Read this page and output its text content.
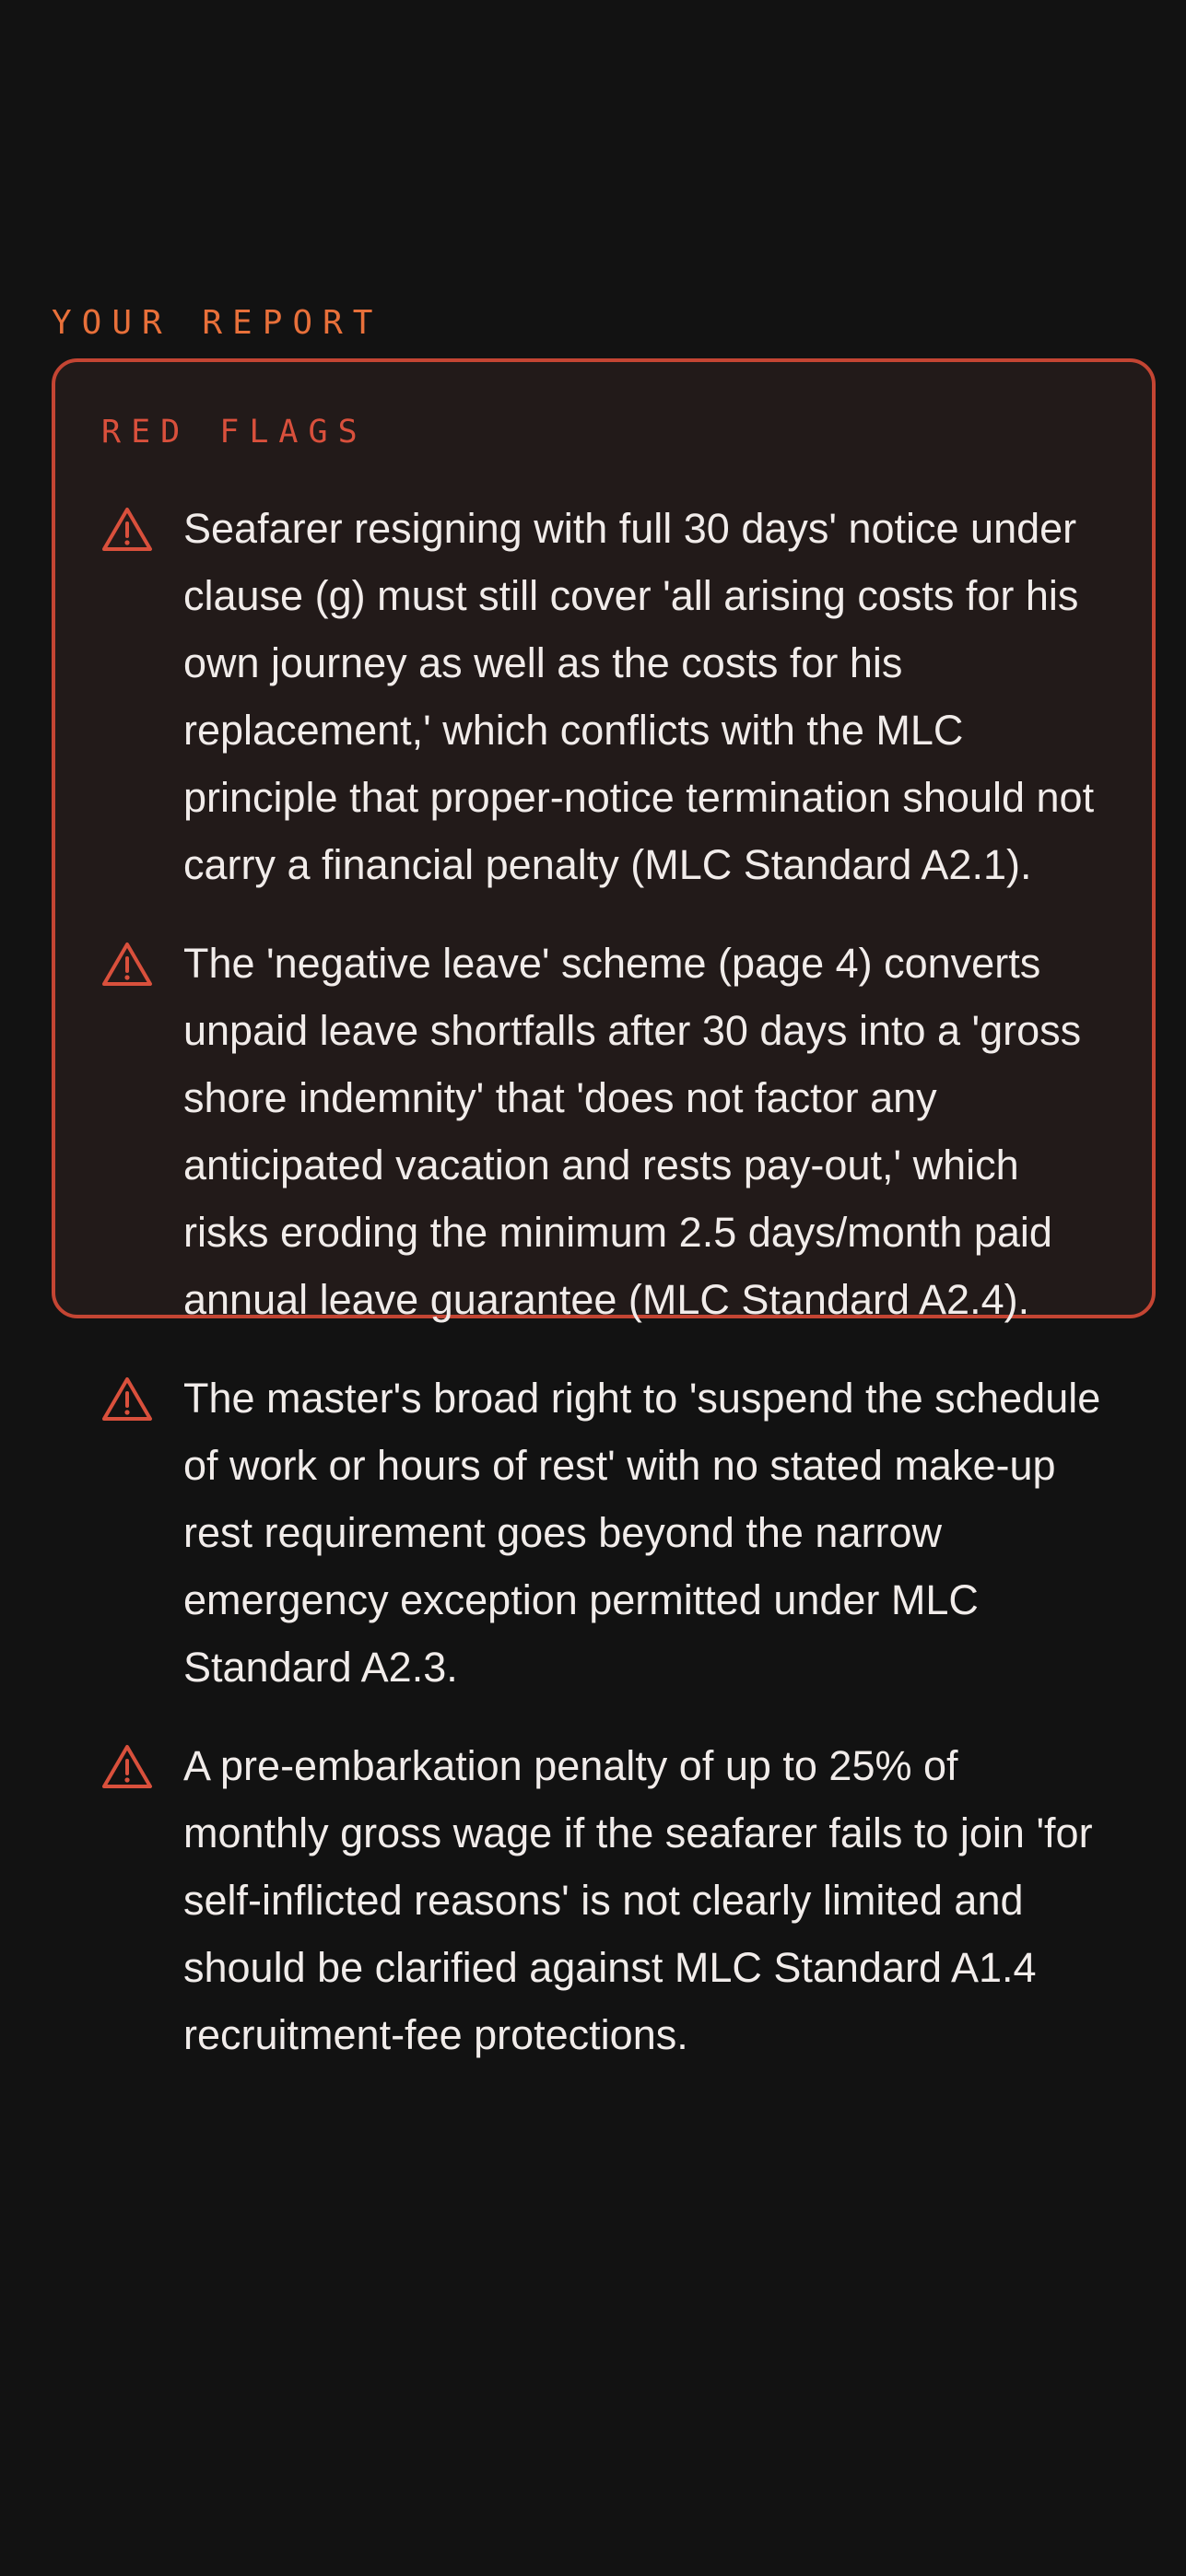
YOUR REPORT
RED FLAGS
Seafarer resigning with full 30 days' notice under clause (g) must still cover 'all arising costs for his own journey as well as the costs for his replacement,' which conflicts with the MLC principle that proper-notice termination should not carry a financial penalty (MLC Standard A2.1).
The 'negative leave' scheme (page 4) converts unpaid leave shortfalls after 30 days into a 'gross shore indemnity' that 'does not factor any anticipated vacation and rests pay-out,' which risks eroding the minimum 2.5 days/month paid annual leave guarantee (MLC Standard A2.4).
The master's broad right to 'suspend the schedule of work or hours of rest' with no stated make-up rest requirement goes beyond the narrow emergency exception permitted under MLC Standard A2.3.
A pre-embarkation penalty of up to 25% of monthly gross wage if the seafarer fails to join 'for self-inflicted reasons' is not clearly limited and should be clarified against MLC Standard A1.4 recruitment-fee protections.
